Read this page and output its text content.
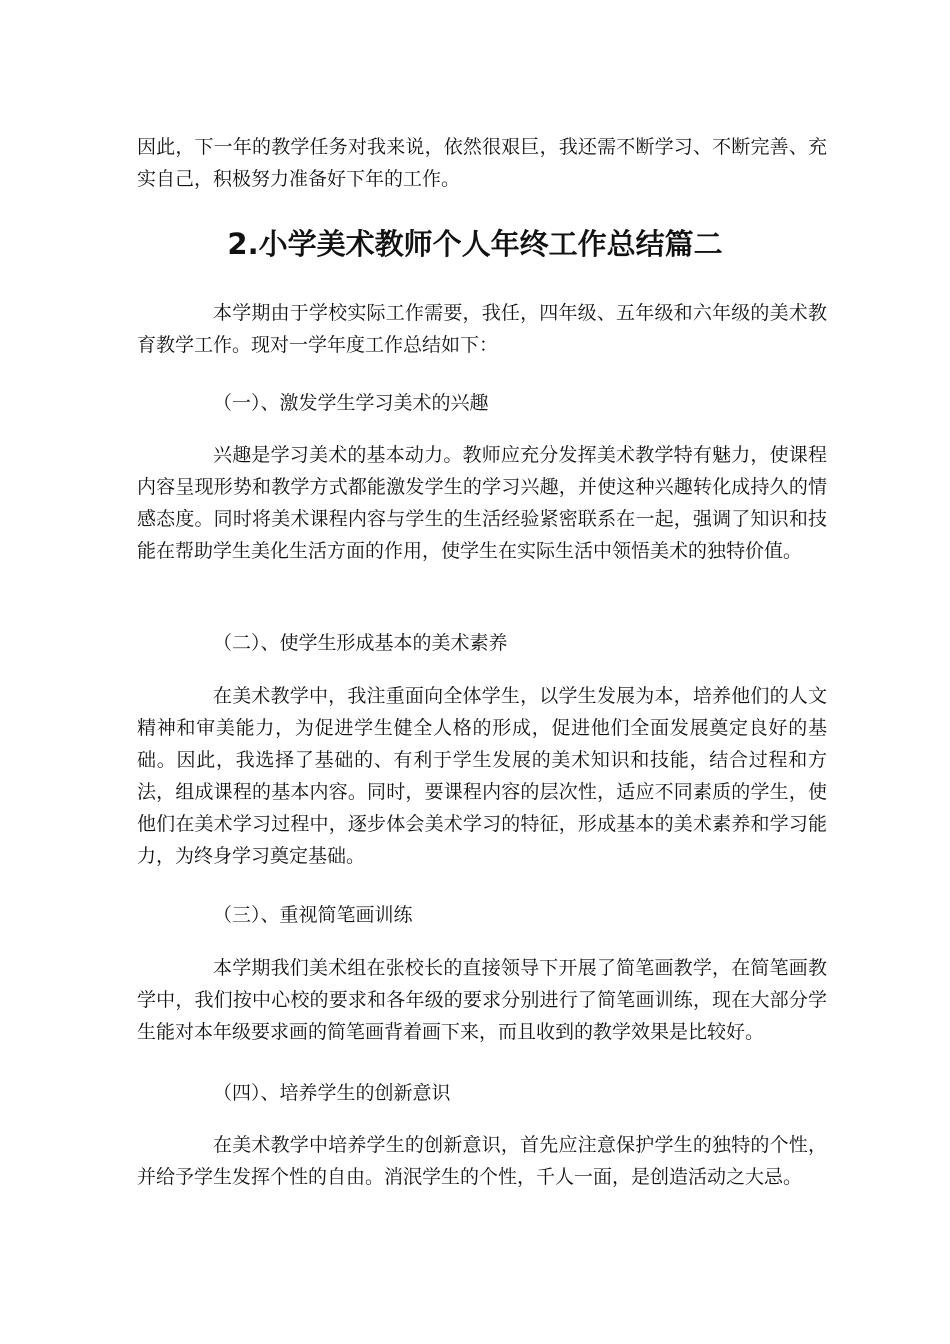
因此，下一年的教学任务对我来说，依然很艰巨，我还需不断学习、不断完善、充实自己，积极努力准备好下年的工作。
2.小学美术教师个人年终工作总结篇二
本学期由于学校实际工作需要，我任，四年级、五年级和六年级的美术教育教学工作。现对一学年度工作总结如下：
（一）、激发学生学习美术的兴趣
兴趣是学习美术的基本动力。教师应充分发挥美术教学特有魅力，使课程内容呈现形势和教学方式都能激发学生的学习兴趣，并使这种兴趣转化成持久的情感态度。同时将美术课程内容与学生的生活经验紧密联系在一起，强调了知识和技能在帮助学生美化生活方面的作用，使学生在实际生活中领悟美术的独特价值。
（二）、使学生形成基本的美术素养
在美术教学中，我注重面向全体学生，以学生发展为本，培养他们的人文精神和审美能力，为促进学生健全人格的形成，促进他们全面发展奠定良好的基础。因此，我选择了基础的、有利于学生发展的美术知识和技能，结合过程和方法，组成课程的基本内容。同时，要课程内容的层次性，适应不同素质的学生，使他们在美术学习过程中，逐步体会美术学习的特征，形成基本的美术素养和学习能力，为终身学习奠定基础。
（三）、重视简笔画训练
本学期我们美术组在张校长的直接领导下开展了简笔画教学，在简笔画教学中，我们按中心校的要求和各年级的要求分别进行了简笔画训练，现在大部分学生能对本年级要求画的简笔画背着画下来，而且收到的教学效果是比较好。
（四）、培养学生的创新意识
在美术教学中培养学生的创新意识，首先应注意保护学生的独特的个性，并给予学生发挥个性的自由。消泯学生的个性，千人一面，是创造活动之大忌。
